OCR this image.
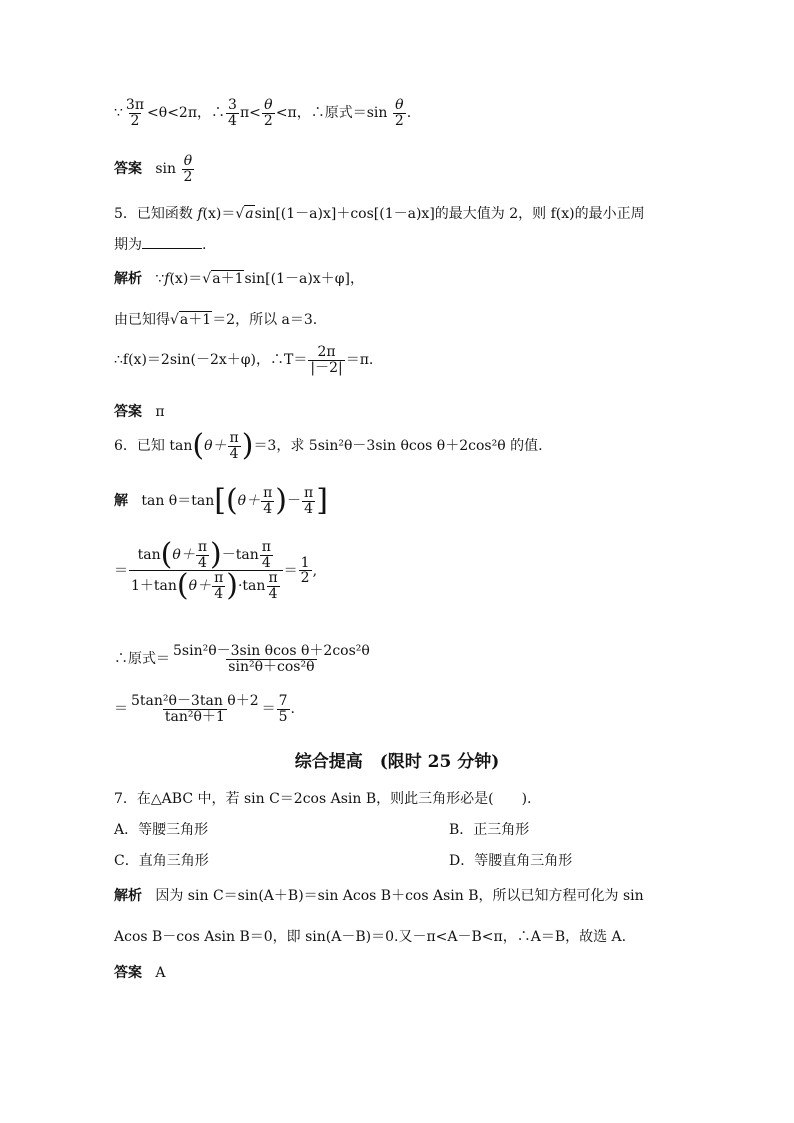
∵ $\frac{3\pi}{2} <\theta<2\pi$，∴ $\frac{3}{4} \pi< \frac{\theta}{2} <\pi$，∴原式$=\sin \frac{\theta}{2}$ .
答案 $\sin \frac{\theta}{2}$
5．已知函数 f(x)＝√asin[(1－a)x]＋cos[(1－a)x]的最大值为 2，则 f(x)的最小正周
期为	.
解析 ∵f(x)＝√a＋1sin[(1－a)x＋φ]，
由已知得√a＋1＝2，所以 a＝3.
∴f(x)＝2sin(－2x＋φ)，∴T＝ $\frac{2\pi}{|-2|} =\pi$.
答案 π
6．已知 $\tan(\theta+ \frac{\pi}{4} )=3$，求 5sin²θ－3sin θcos θ＋2cos²θ 的值.
解 $\tan \theta=\tan[(\theta+ \frac{\pi}{4}$ )－ $\frac{\pi}{4}$ ]
＝ $\frac{\tan(\theta+ \frac{\pi}{4} )-\tan \frac{\pi}{4}}{1+\tan(\theta+ \frac{\pi}{4} )\cdot\tan \frac{\pi}{4}} = \frac{1}{2}$ ,
∴原式＝ $\frac{\text{5sin²θ－3sin θcos θ＋2cos²θ}}{\text{sin²θ＋cos²θ}}$
＝ $\frac{\text{5tan²θ－3tan θ＋2}}{\text{tan²θ＋1}} = \frac{7}{5}$ .
综合提高　(限时 25 分钟)
7．在△ABC 中，若 sin C＝2cos Asin B，则此三角形必是(　　).
A．等腰三角形	B．正三角形
C．直角三角形	D．等腰直角三角形
解析 因为 sin C＝sin(A＋B)＝sin Acos B＋cos Asin B，所以已知方程可化为 sin
Acos B－cos Asin B＝0，即 sin(A－B)＝0.又－π<A－B<π，∴A＝B，故选 A.
答案 A
